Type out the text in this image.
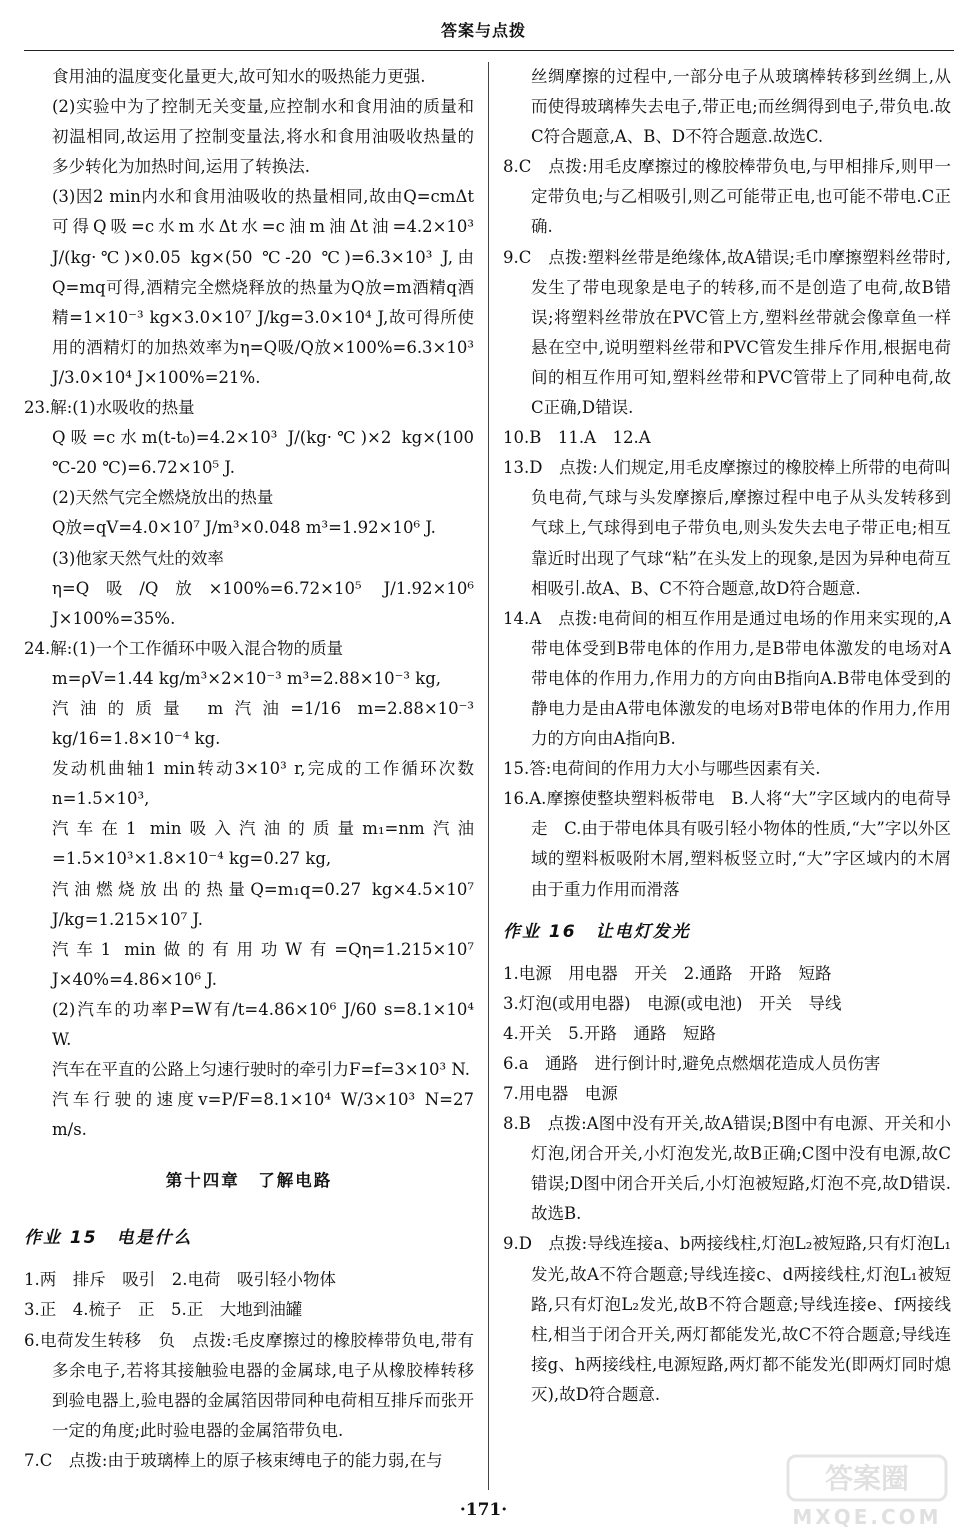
答案与点拨

食用油的温度变化量更大,故可知水的吸热能力更强.

(2)实验中为了控制无关变量,应控制水和食用油的质量和初温相同,故运用了控制变量法,将水和食用油吸收热量的多少转化为加热时间,运用了转换法.

(3)因2 min内水和食用油吸收的热量相同,故由Q=cmΔt可得Q吸=c水m水Δt水=c油m油Δt油=4.2×10³ J/(kg·℃)×0.05 kg×(50 ℃-20 ℃)=6.3×10³ J,由Q=mq可得,酒精完全燃烧释放的热量为Q放=m酒精q酒精=1×10⁻³ kg×3.0×10⁷ J/kg=3.0×10⁴ J,故可得所使用的酒精灯的加热效率为η=Q吸/Q放×100%=6.3×10³ J/3.0×10⁴ J×100%=21%.

23.解:(1)水吸收的热量

Q吸=c水m(t-t₀)=4.2×10³ J/(kg·℃)×2 kg×(100 ℃-20 ℃)=6.72×10⁵ J.

(2)天然气完全燃烧放出的热量

Q放=qV=4.0×10⁷ J/m³×0.048 m³=1.92×10⁶ J.

(3)他家天然气灶的效率

η=Q吸/Q放×100%=6.72×10⁵ J/1.92×10⁶ J×100%=35%.

24.解:(1)一个工作循环中吸入混合物的质量

m=ρV=1.44 kg/m³×2×10⁻³ m³=2.88×10⁻³ kg,

汽油的质量 m汽油=1/16 m=2.88×10⁻³ kg/16=1.8×10⁻⁴ kg.

发动机曲轴1 min转动3×10³ r,完成的工作循环次数n=1.5×10³,

汽车在1 min吸入汽油的质量m₁=nm汽油=1.5×10³×1.8×10⁻⁴ kg=0.27 kg,

汽油燃烧放出的热量Q=m₁q=0.27 kg×4.5×10⁷ J/kg=1.215×10⁷ J.

汽车1 min做的有用功W有=Qη=1.215×10⁷ J×40%=4.86×10⁶ J.

(2)汽车的功率P=W有/t=4.86×10⁶ J/60 s=8.1×10⁴ W.

汽车在平直的公路上匀速行驶时的牵引力F=f=3×10³ N.

汽车行驶的速度v=P/F=8.1×10⁴ W/3×10³ N=27 m/s.

第十四章　了解电路

作业 15　电是什么

1.两　排斥　吸引　2.电荷　吸引轻小物体

3.正　4.梳子　正　5.正　大地到油罐

6.电荷发生转移　负　点拨:毛皮摩擦过的橡胶棒带负电,带有多余电子,若将其接触验电器的金属球,电子从橡胶棒转移到验电器上,验电器的金属箔因带同种电荷相互排斥而张开一定的角度;此时验电器的金属箔带负电.

7.C　点拨:由于玻璃棒上的原子核束缚电子的能力弱,在与

丝绸摩擦的过程中,一部分电子从玻璃棒转移到丝绸上,从而使得玻璃棒失去电子,带正电;而丝绸得到电子,带负电.故C符合题意,A、B、D不符合题意.故选C.

8.C　点拨:用毛皮摩擦过的橡胶棒带负电,与甲相排斥,则甲一定带负电;与乙相吸引,则乙可能带正电,也可能不带电.C正确.

9.C　点拨:塑料丝带是绝缘体,故A错误;毛巾摩擦塑料丝带时,发生了带电现象是电子的转移,而不是创造了电荷,故B错误;将塑料丝带放在PVC管上方,塑料丝带就会像章鱼一样悬在空中,说明塑料丝带和PVC管发生排斥作用,根据电荷间的相互作用可知,塑料丝带和PVC管带上了同种电荷,故C正确,D错误.

10.B　11.A　12.A

13.D　点拨:人们规定,用毛皮摩擦过的橡胶棒上所带的电荷叫负电荷,气球与头发摩擦后,摩擦过程中电子从头发转移到气球上,气球得到电子带负电,则头发失去电子带正电;相互靠近时出现了气球“粘”在头发上的现象,是因为异种电荷互相吸引.故A、B、C不符合题意,故D符合题意.

14.A　点拨:电荷间的相互作用是通过电场的作用来实现的,A带电体受到B带电体的作用力,是B带电体激发的电场对A带电体的作用力,作用力的方向由B指向A.B带电体受到的静电力是由A带电体激发的电场对B带电体的作用力,作用力的方向由A指向B.

15.答:电荷间的作用力大小与哪些因素有关.

16.A.摩擦使整块塑料板带电　B.人将“大”字区域内的电荷导走　C.由于带电体具有吸引轻小物体的性质,“大”字以外区域的塑料板吸附木屑,塑料板竖立时,“大”字区域内的木屑由于重力作用而滑落

作业 16　让电灯发光

1.电源　用电器　开关　2.通路　开路　短路

3.灯泡(或用电器)　电源(或电池)　开关　导线

4.开关　5.开路　通路　短路

6.a　通路　进行倒计时,避免点燃烟花造成人员伤害

7.用电器　电源

8.B　点拨:A图中没有开关,故A错误;B图中有电源、开关和小灯泡,闭合开关,小灯泡发光,故B正确;C图中没有电源,故C错误;D图中闭合开关后,小灯泡被短路,灯泡不亮,故D错误.故选B.

9.D　点拨:导线连接a、b两接线柱,灯泡L₂被短路,只有灯泡L₁发光,故A不符合题意;导线连接c、d两接线柱,灯泡L₁被短路,只有灯泡L₂发光,故B不符合题意;导线连接e、f两接线柱,相当于闭合开关,两灯都能发光,故C不符合题意;导线连接g、h两接线柱,电源短路,两灯都不能发光(即两灯同时熄灭),故D符合题意.

·171·
答案圈
MXQE.COM
